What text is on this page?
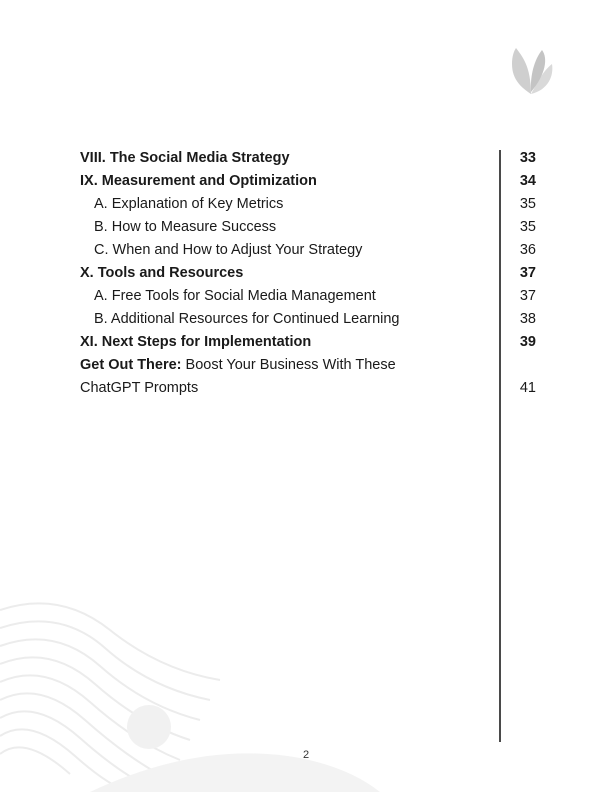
VIII. The Social Media Strategy	33
IX. Measurement and Optimization	34
A. Explanation of Key Metrics	35
B. How to Measure Success	35
C. When and How to Adjust Your Strategy	36
X. Tools and Resources	37
A. Free Tools for Social Media Management	37
B. Additional Resources for Continued Learning	38
XI. Next Steps for Implementation	39
Get Out There: Boost Your Business With These
ChatGPT Prompts	41
2
